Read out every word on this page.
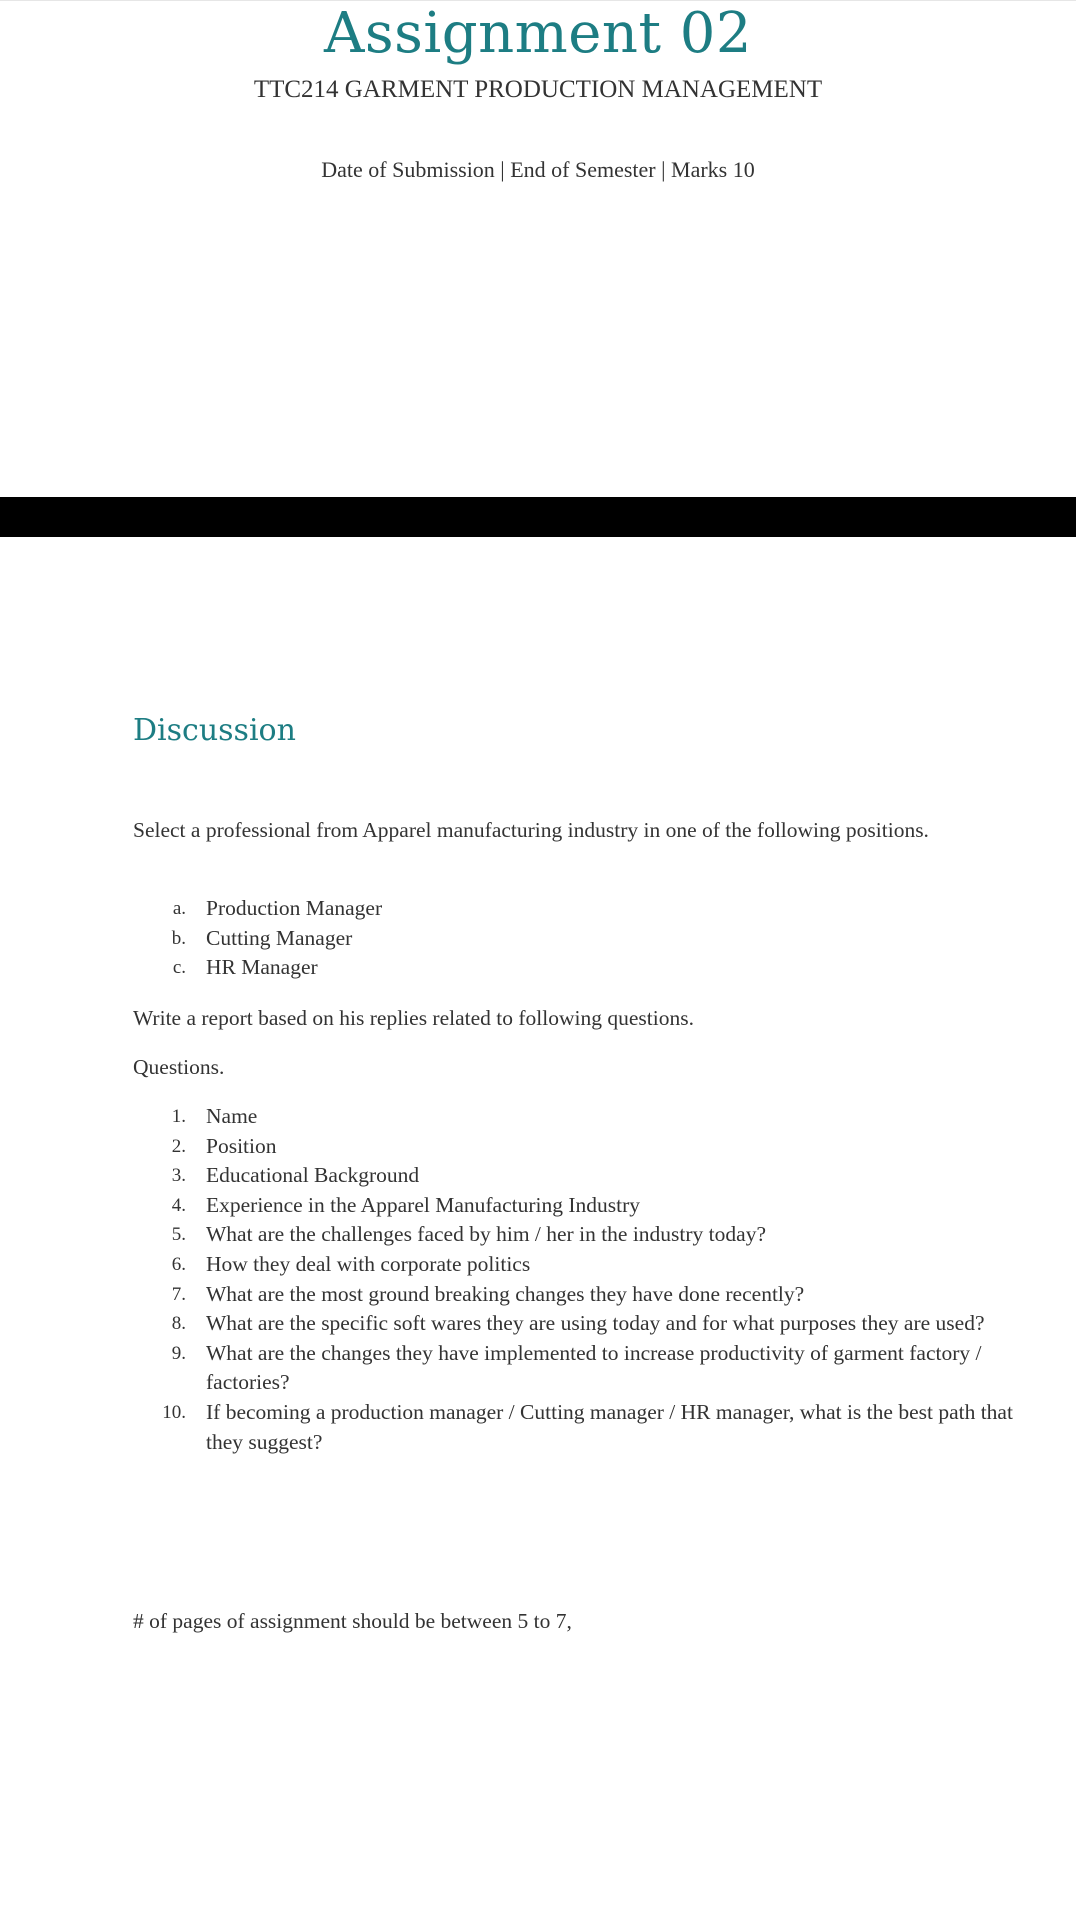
Assignment 02
TTC214 GARMENT PRODUCTION MANAGEMENT
Date of Submission | End of Semester | Marks 10
Discussion

Select a professional from Apparel manufacturing industry in one of the following positions.

a. Production Manager
b. Cutting Manager
c. HR Manager

Write a report based on his replies related to following questions.

Questions.

1. Name
2. Position
3. Educational Background
4. Experience in the Apparel Manufacturing Industry
5. What are the challenges faced by him / her in the industry today?
6. How they deal with corporate politics
7. What are the most ground breaking changes they have done recently?
8. What are the specific soft wares they are using today and for what purposes they are used?
9. What are the changes they have implemented to increase productivity of garment factory / factories?
10. If becoming a production manager / Cutting manager / HR manager, what is the best path that they suggest?

# of pages of assignment should be between 5 to 7,
